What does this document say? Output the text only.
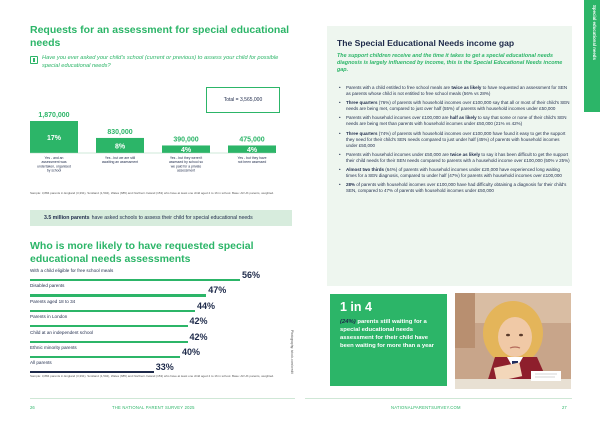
Requests for an assessment for special educational needs
Have you ever asked your child's school (current or previous) to assess your child for possible special educational needs?
1,870,000
17%
Yes - and an assessment was undertaken, organised by school
830,000
8%
Yes - but we are still awaiting an assessment
390,000
4%
Yes - but they weren't assessed by school so we paid for a private assessment
475,000
4%
Yes - but they have not been assessed
Total = 3,565,000
Sample: 3,884 parents in England (3,391), Scotland (1,504), Wales (685) and Northern Ireland (153) who have at least one child aged 4 to 16 in school. Base: All UK parents, weighted.
3.5 million parents have asked schools to assess their child for special educational needs
Who is more likely to have requested special educational needs assessments
With a child eligible for free school meals	56%
Disabled parents	47%
Parents aged 18 to 34	44%
Parents in London	42%
Child at an independent school	42%
Ethnic minority parents	40%
All parents	33%
Sample: 3,884 parents in England (3,391), Scotland (1,504), Wales (685) and Northern Ireland (153) who have at least one child aged 4 to 16 in school. Base: All UK parents, weighted.
26	THE NATIONAL PARENT SURVEY 2025
Special educational needs
The Special Educational Needs income gap
The support children receive and the time it takes to get a special educational needs diagnosis is largely influenced by income, this is the Special Educational Needs income gap.
• Parents with a child entitled to free school meals are twice as likely to have requested an assessment for SEN as parents whose child is not entitled to free school meals (56% vs 28%)
• Three quarters (76%) of parents with household incomes over £100,000 say that all or most of their child's SEN needs are being met, compared to just over half (55%) of parents with household incomes under £50,000
• Parents with household incomes over £100,000 are half as likely to say that some or none of their child's SEN needs are being met than parents with household incomes under £50,000 (21% vs 42%)
• Three quarters (74%) of parents with household incomes over £100,000 have found it easy to get the support they need for their child's SEN needs compared to just under half (45%) of parents with household incomes under £50,000
• Parents with household incomes under £50,000 are twice as likely to say it has been difficult to get the support their child needs for their SEN needs compared to parents with a household income over £100,000 (50% v 25%)
• Almost two thirds (64%) of parents with household incomes under £20,000 have experienced long waiting times for a SEN diagnosis, compared to under half (47%) for parents with household incomes over £100,000
• 28% of parents with household incomes over £100,000 have had difficulty obtaining a diagnosis for their child's SEN, compared to 47% of parents with household incomes under £50,000
1 in 4
(24%) parents still waiting for a special educational needs assessment for their child have been waiting for more than a year
Photography: istock.com/credit
NATIONALPARENTSURVEY.COM	27
